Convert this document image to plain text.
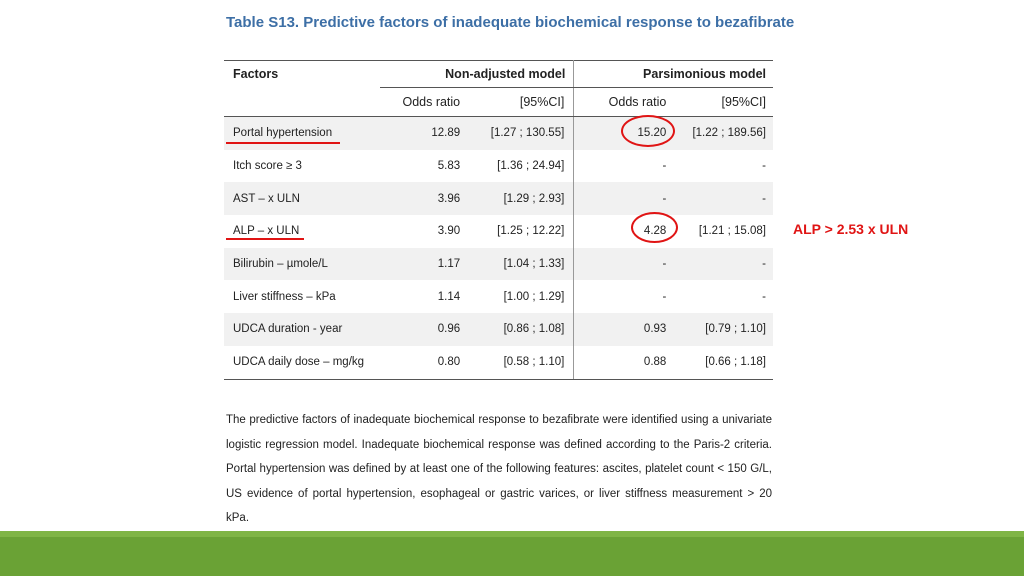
Table S13. Predictive factors of inadequate biochemical response to bezafibrate
Factors	Non-adjusted model		Parsimonious model	
	Odds ratio	[95%CI]	Odds ratio	[95%CI]
Portal hypertension	12.89	[1.27 ; 130.55]	15.20	[1.22 ; 189.56]
Itch score ≥ 3	5.83	[1.36 ; 24.94]	-	-
AST – x ULN	3.96	[1.29 ; 2.93]	-	-
ALP – x ULN	3.90	[1.25 ; 12.22]	4.28	[1.21 ; 15.08]
Bilirubin – µmole/L	1.17	[1.04 ; 1.33]	-	-
Liver stiffness – kPa	1.14	[1.00 ; 1.29]	-	-
UDCA duration - year	0.96	[0.86 ; 1.08]	0.93	[0.79 ; 1.10]
UDCA daily dose – mg/kg	0.80	[0.58 ; 1.10]	0.88	[0.66 ; 1.18]
ALP > 2.53 x ULN
The predictive factors of inadequate biochemical response to bezafibrate were identified using a univariate logistic regression model. Inadequate biochemical response was defined according to the Paris-2 criteria. Portal hypertension was defined by at least one of the following features: ascites, platelet count < 150 G/L, US evidence of portal hypertension, esophageal or gastric varices, or liver stiffness measurement > 20 kPa.
